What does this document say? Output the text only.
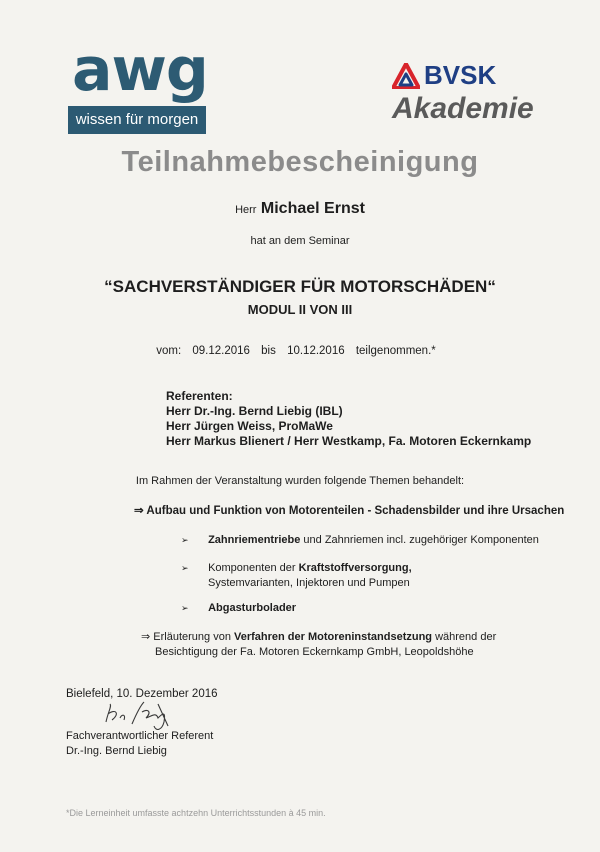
awg
wissen für morgen
BVSK
Akademie
Teilnahmebescheinigung
Herr Michael Ernst
hat an dem Seminar
“SACHVERSTÄNDIGER FÜR MOTORSCHÄDEN“
MODUL II VON III
vom: 09.12.2016 bis 10.12.2016 teilgenommen.*
Referenten:
Herr Dr.-Ing. Bernd Liebig (IBL)
Herr Jürgen Weiss, ProMaWe
Herr Markus Blienert / Herr Westkamp, Fa. Motoren Eckernkamp
Im Rahmen der Veranstaltung wurden folgende Themen behandelt:
⇒ Aufbau und Funktion von Motorenteilen - Schadensbilder und ihre Ursachen
➢ Zahnriementriebe und Zahnriemen incl. zugehöriger Komponenten
➢ Komponenten der Kraftstoffversorgung,
Systemvarianten, Injektoren und Pumpen
➢ Abgasturbolader
⇒ Erläuterung von Verfahren der Motoreninstandsetzung während der
Besichtigung der Fa. Motoren Eckernkamp GmbH, Leopoldshöhe
Bielefeld, 10. Dezember 2016
Fachverantwortlicher Referent
Dr.-Ing. Bernd Liebig
*Die Lerneinheit umfasste achtzehn Unterrichtsstunden à 45 min.
